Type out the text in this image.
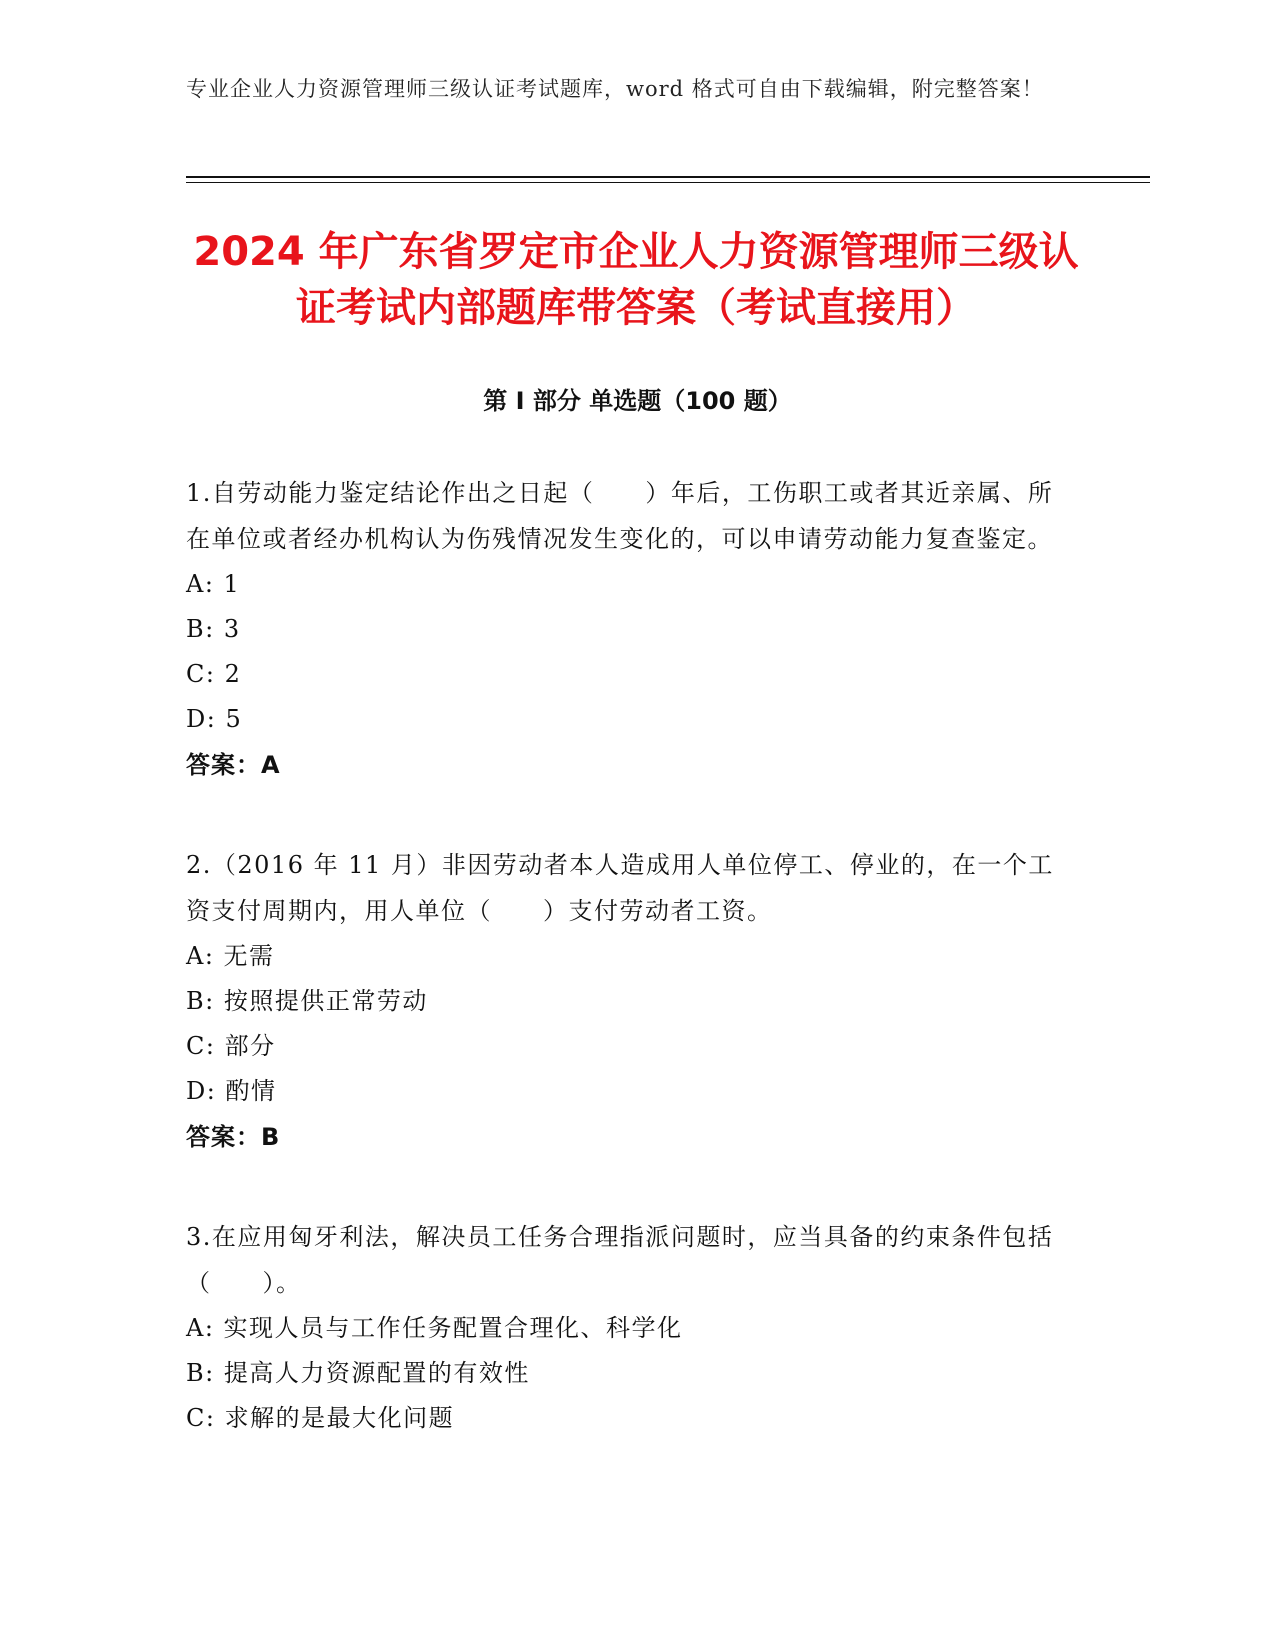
专业企业人力资源管理师三级认证考试题库，word 格式可自由下载编辑，附完整答案！
2024 年广东省罗定市企业人力资源管理师三级认证考试内部题库带答案（考试直接用）
第 I 部分 单选题（100 题）
1.自劳动能力鉴定结论作出之日起（　　）年后，工伤职工或者其近亲属、所在单位或者经办机构认为伤残情况发生变化的，可以申请劳动能力复查鉴定。
A: 1
B: 3
C: 2
D: 5
答案：A
2.（2016 年 11 月）非因劳动者本人造成用人单位停工、停业的，在一个工资支付周期内，用人单位（　　）支付劳动者工资。
A: 无需
B: 按照提供正常劳动
C: 部分
D: 酌情
答案：B
3.在应用匈牙利法，解决员工任务合理指派问题时，应当具备的约束条件包括（　　）。
A: 实现人员与工作任务配置合理化、科学化
B: 提高人力资源配置的有效性
C: 求解的是最大化问题
